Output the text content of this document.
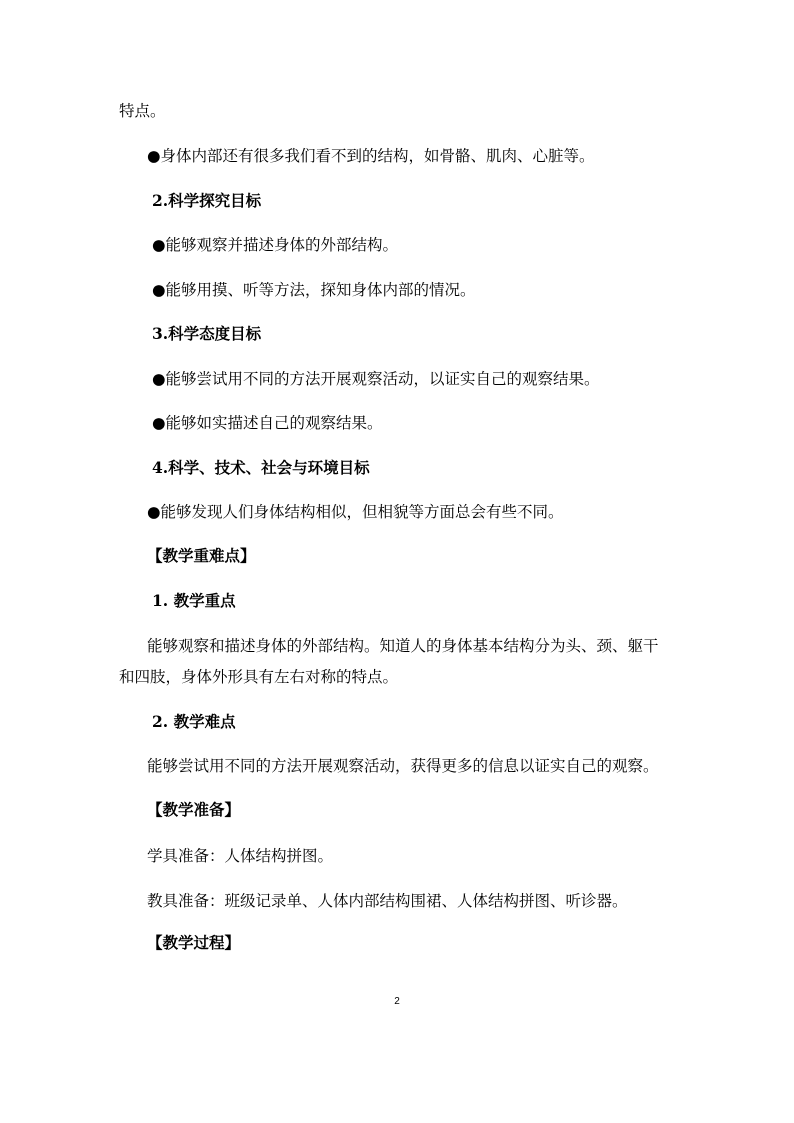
特点。
●身体内部还有很多我们看不到的结构，如骨骼、肌肉、心脏等。
2.科学探究目标
●能够观察并描述身体的外部结构。
●能够用摸、听等方法，探知身体内部的情况。
3.科学态度目标
●能够尝试用不同的方法开展观察活动，以证实自己的观察结果。
●能够如实描述自己的观察结果。
4.科学、技术、社会与环境目标
●能够发现人们身体结构相似，但相貌等方面总会有些不同。
【教学重难点】
1. 教学重点
能够观察和描述身体的外部结构。知道人的身体基本结构分为头、颈、躯干
和四肢，身体外形具有左右对称的特点。
2. 教学难点
能够尝试用不同的方法开展观察活动，获得更多的信息以证实自己的观察。
【教学准备】
学具准备：人体结构拼图。
教具准备：班级记录单、人体内部结构围裙、人体结构拼图、听诊器。
【教学过程】
2
